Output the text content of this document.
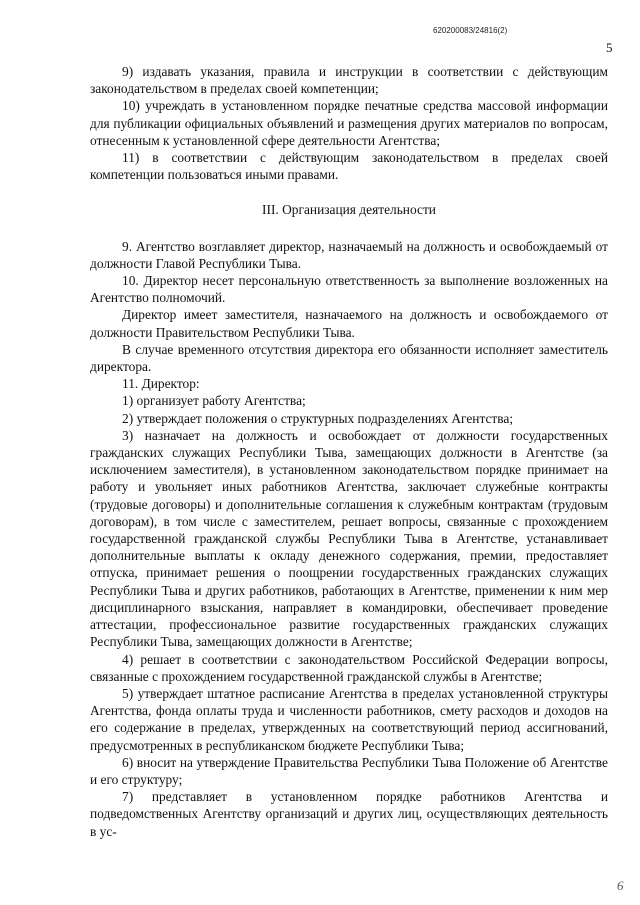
620200083/24816(2)
5

9) издавать указания, правила и инструкции в соответствии с действующим законодательством в пределах своей компетенции;

10) учреждать в установленном порядке печатные средства массовой информации для публикации официальных объявлений и размещения других материалов по вопросам, отнесенным к установленной сфере деятельности Агентства;

11) в соответствии с действующим законодательством в пределах своей компетенции пользоваться иными правами.

III. Организация деятельности

9. Агентство возглавляет директор, назначаемый на должность и освобождаемый от должности Главой Республики Тыва.

10. Директор несет персональную ответственность за выполнение возложенных на Агентство полномочий.

Директор имеет заместителя, назначаемого на должность и освобождаемого от должности Правительством Республики Тыва.

В случае временного отсутствия директора его обязанности исполняет заместитель директора.

11. Директор:

1) организует работу Агентства;

2) утверждает положения о структурных подразделениях Агентства;

3) назначает на должность и освобождает от должности государственных гражданских служащих Республики Тыва, замещающих должности в Агентстве (за исключением заместителя), в установленном законодательством порядке принимает на работу и увольняет иных работников Агентства, заключает служебные контракты (трудовые договоры) и дополнительные соглашения к служебным контрактам (трудовым договорам), в том числе с заместителем, решает вопросы, связанные с прохождением государственной гражданской службы Республики Тыва в Агентстве, устанавливает дополнительные выплаты к окладу денежного содержания, премии, предоставляет отпуска, принимает решения о поощрении государственных гражданских служащих Республики Тыва и других работников, работающих в Агентстве, применении к ним мер дисциплинарного взыскания, направляет в командировки, обеспечивает проведение аттестации, профессиональное развитие государственных гражданских служащих Республики Тыва, замещающих должности в Агентстве;

4) решает в соответствии с законодательством Российской Федерации вопросы, связанные с прохождением государственной гражданской службы в Агентстве;

5) утверждает штатное расписание Агентства в пределах установленной структуры Агентства, фонда оплаты труда и численности работников, смету расходов и доходов на его содержание в пределах, утвержденных на соответствующий период ассигнований, предусмотренных в республиканском бюджете Республики Тыва;

6) вносит на утверждение Правительства Республики Тыва Положение об Агентстве и его структуру;

7) представляет в установленном порядке работников Агентства и подведомственных Агентству организаций и других лиц, осуществляющих деятельность в ус-

6
